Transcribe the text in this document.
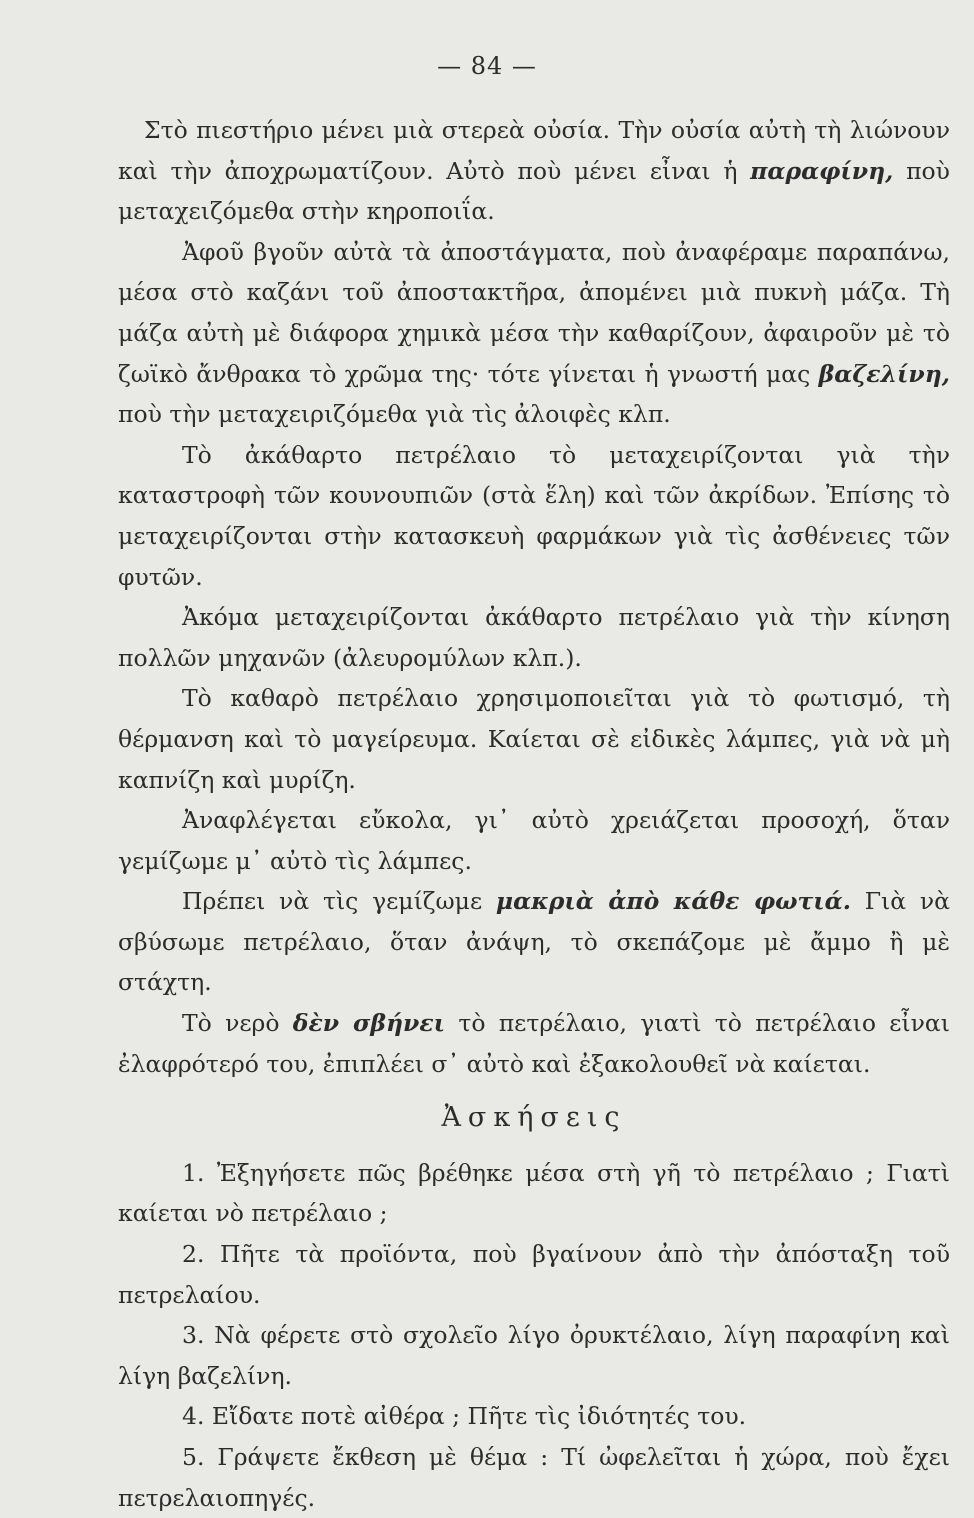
— 84 —

Στὸ πιεστήριο μένει μιὰ στερεὰ οὐσία. Τὴν οὐσία αὐτὴ τὴ λιώνουν καὶ τὴν ἀποχρωματίζουν. Αὐτὸ ποὺ μένει εἶναι ἡ παραφίνη, ποὺ μεταχειζόμεθα στὴν κηροποιΐα.

Ἀφοῦ βγοῦν αὐτὰ τὰ ἀποστάγματα, ποὺ ἀναφέραμε παραπάνω, μέσα στὸ καζάνι τοῦ ἀποστακτῆρα, ἀπομένει μιὰ πυκνὴ μάζα. Τὴ μάζα αὐτὴ μὲ διάφορα χημικὰ μέσα τὴν καθαρίζουν, ἀφαιροῦν μὲ τὸ ζωϊκὸ ἄνθρακα τὸ χρῶμα της· τότε γίνεται ἡ γνωστή μας βαζελίνη, ποὺ τὴν μεταχειριζόμεθα γιὰ τὶς ἀλοιφὲς κλπ.

Τὸ ἀκάθαρτο πετρέλαιο τὸ μεταχειρίζονται γιὰ τὴν καταστροφὴ τῶν κουνουπιῶν (στὰ ἕλη) καὶ τῶν ἀκρίδων. Ἐπίσης τὸ μεταχειρίζονται στὴν κατασκευὴ φαρμάκων γιὰ τὶς ἀσθένειες τῶν φυτῶν.

Ἀκόμα μεταχειρίζονται ἀκάθαρτο πετρέλαιο γιὰ τὴν κίνηση πολλῶν μηχανῶν (ἀλευρομύλων κλπ.).

Τὸ καθαρὸ πετρέλαιο χρησιμοποιεῖται γιὰ τὸ φωτισμό, τὴ θέρμανση καὶ τὸ μαγείρευμα. Καίεται σὲ εἰδικὲς λάμπες, γιὰ νὰ μὴ καπνίζη καὶ μυρίζη.

Ἀναφλέγεται εὔκολα, γι᾿ αὐτὸ χρειάζεται προσοχή, ὅταν γεμίζωμε μ᾿ αὐτὸ τὶς λάμπες.

Πρέπει νὰ τὶς γεμίζωμε μακριὰ ἀπὸ κάθε φωτιά. Γιὰ νὰ σβύσωμε πετρέλαιο, ὅταν ἀνάψη, τὸ σκεπάζομε μὲ ἄμμο ἢ μὲ στάχτη.

Τὸ νερὸ δὲν σβήνει τὸ πετρέλαιο, γιατὶ τὸ πετρέλαιο εἶναι ἐλαφρότερό του, ἐπιπλέει σ᾿ αὐτὸ καὶ ἐξακολουθεῖ νὰ καίεται.

Ἀσκήσεις

1. Ἐξηγήσετε πῶς βρέθηκε μέσα στὴ γῆ τὸ πετρέλαιο ; Γιατὶ καίεται νὸ πετρέλαιο ;

2. Πῆτε τὰ προϊόντα, ποὺ βγαίνουν ἀπὸ τὴν ἀπόσταξη τοῦ πετρελαίου.

3. Νὰ φέρετε στὸ σχολεῖο λίγο ὀρυκτέλαιο, λίγη παραφίνη καὶ λίγη βαζελίνη.

4. Εἴδατε ποτὲ αἰθέρα ; Πῆτε τὶς ἰδιότητές του.

5. Γράψετε ἔκθεση μὲ θέμα : Τί ὠφελεῖται ἡ χώρα, ποὺ ἔχει πετρελαιοπηγές.
